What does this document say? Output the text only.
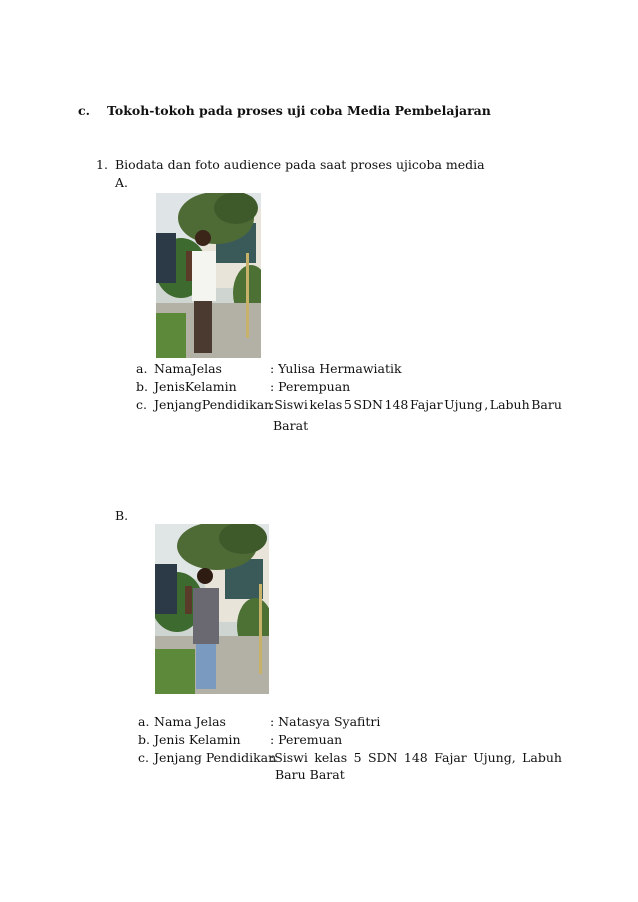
c. Tokoh-tokoh pada proses uji coba Media Pembelajaran
1. Biodata dan foto audience pada saat proses ujicoba media
A.
a. NamaJelas	: Yulisa Hermawiatik
b. JenisKelamin	: Perempuan
c. JenjangPendidikan
:Siswi kelas 5 SDN 148 Fajar Ujung , Labuh Baru
Barat
B.
a. Nama Jelas	: Natasya Syafitri
b. Jenis Kelamin : Peremuan
c. Jenjang Pendidikan
:Siswi kelas 5 SDN 148 Fajar Ujung, Labuh
Baru Barat
